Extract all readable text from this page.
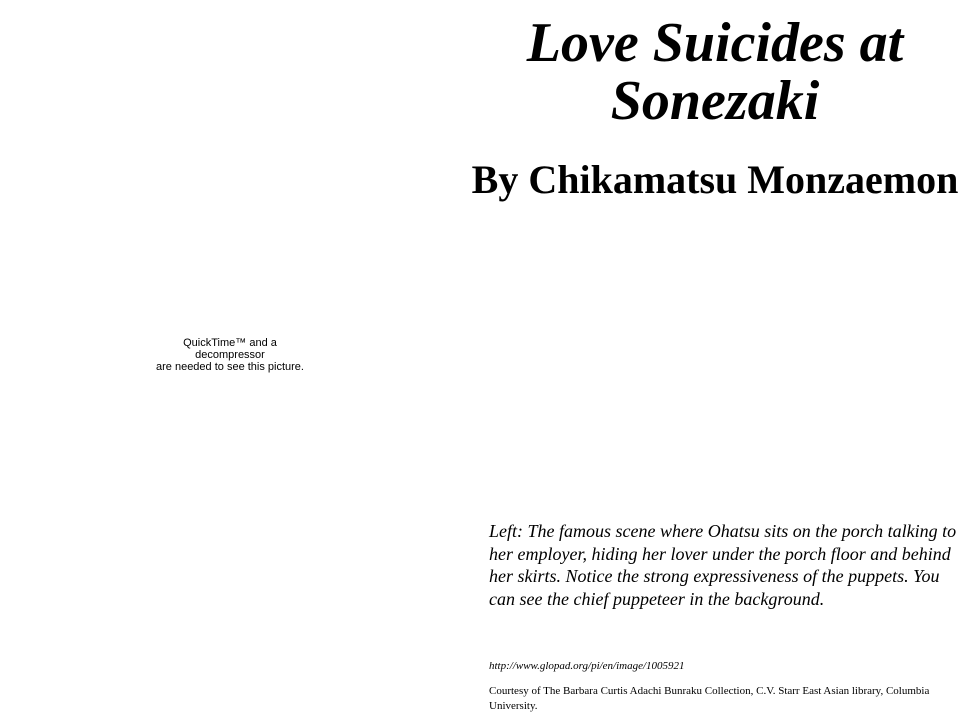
Love Suicides at Sonezaki
By Chikamatsu Monzaemon
QuickTime™ and a
decompressor
are needed to see this picture.

Left: The famous scene where Ohatsu sits on the porch talking to her employer, hiding her lover under the porch floor and behind her skirts. Notice the strong expressiveness of the puppets. You can see the chief puppeteer in the background.

http://www.glopad.org/pi/en/image/1005921
Courtesy of The Barbara Curtis Adachi Bunraku Collection, C.V. Starr East Asian library, Columbia University.
